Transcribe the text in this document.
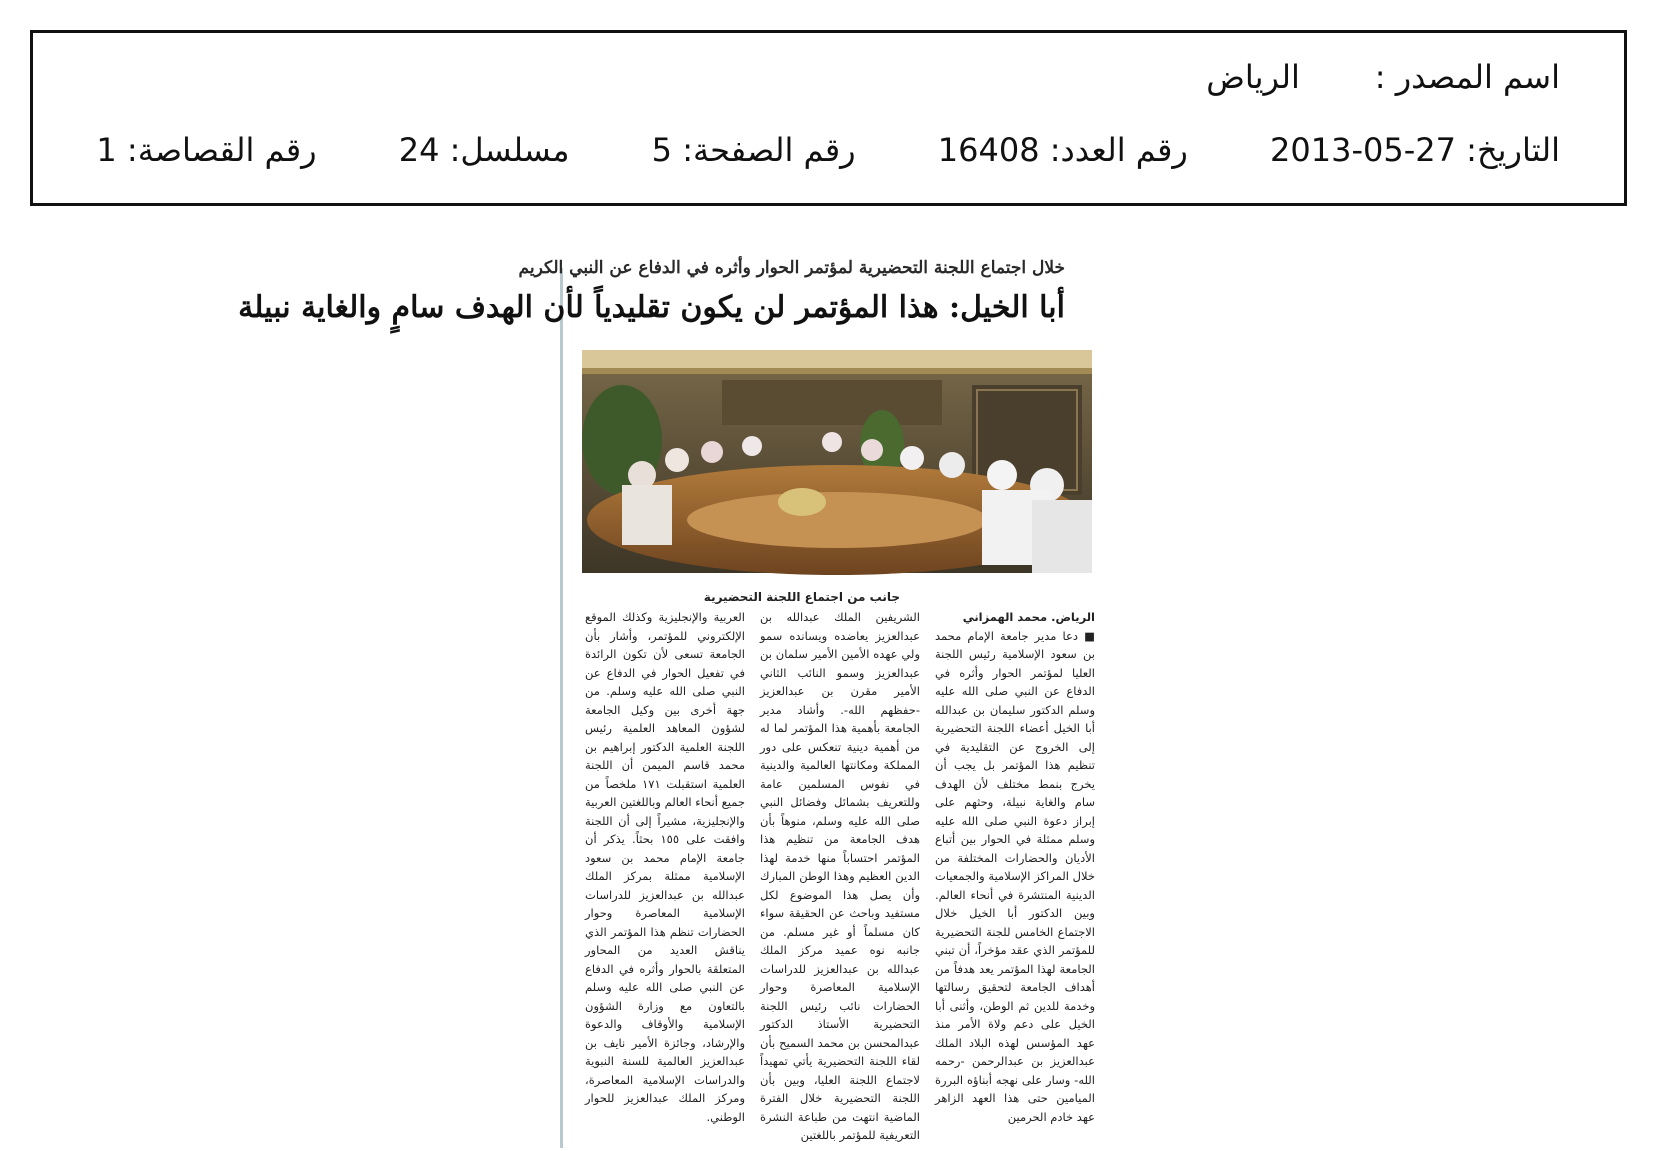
اسم المصدر : الرياض
التاريخ: 27-05-2013 رقم العدد: 16408 رقم الصفحة: 5 مسلسل: 24 رقم القصاصة: 1
خلال اجتماع اللجنة التحضيرية لمؤتمر الحوار وأثره في الدفاع عن النبي الكريم
أبا الخيل: هذا المؤتمر لن يكون تقليدياً لأن الهدف سامٍ والغاية نبيلة
جانب من اجتماع اللجنة التحضيرية
الرياض. محمد الهمزاني

■ دعا مدير جامعة الإمام محمد بن سعود الإسلامية رئيس اللجنة العليا لمؤتمر الحوار وأثره في الدفاع عن النبي صلى الله عليه وسلم الدكتور سليمان بن عبدالله أبا الخيل أعضاء اللجنة التحضيرية إلى الخروج عن التقليدية في تنظيم هذا المؤتمر بل يجب أن يخرج بنمط مختلف لأن الهدف سام والغاية نبيلة، وحثهم على إبراز دعوة النبي صلى الله عليه وسلم ممثلة في الحوار بين أتباع الأديان والحضارات المختلفة من خلال المراكز الإسلامية والجمعيات الدينية المنتشرة في أنحاء العالم. وبين الدكتور أبا الخيل خلال الاجتماع الخامس للجنة التحضيرية للمؤتمر الذي عقد مؤخراً، أن تبني الجامعة لهذا المؤتمر يعد هدفاً من أهداف الجامعة لتحقيق رسالتها وخدمة للدين ثم الوطن، وأثنى أبا الخيل على دعم ولاة الأمر منذ عهد المؤسس لهذه البلاد الملك عبدالعزيز بن عبدالرحمن -رحمه الله- وسار على نهجه أبناؤه البررة الميامين حتى هذا العهد الزاهر عهد خادم الحرمين

الشريفين الملك عبدالله بن عبدالعزيز يعاضده ويسانده سمو ولي عهده الأمين الأمير سلمان بن عبدالعزيز وسمو النائب الثاني الأمير مقرن بن عبدالعزيز -حفظهم الله-. وأشاد مدير الجامعة بأهمية هذا المؤتمر لما له من أهمية دينية تنعكس على دور المملكة ومكانتها العالمية والدينية في نفوس المسلمين عامة وللتعريف بشمائل وفضائل النبي صلى الله عليه وسلم، منوهاً بأن هدف الجامعة من تنظيم هذا المؤتمر احتساباً منها خدمة لهذا الدين العظيم وهذا الوطن المبارك وأن يصل هذا الموضوع لكل مستفيد وباحث عن الحقيقة سواء كان مسلماً أو غير مسلم. من جانبه نوه عميد مركز الملك عبدالله بن عبدالعزيز للدراسات الإسلامية المعاصرة وحوار الحضارات نائب رئيس اللجنة التحضيرية الأستاذ الدكتور عبدالمحسن بن محمد السميح بأن لقاء اللجنة التحضيرية يأتي تمهيداً لاجتماع اللجنة العليا، وبين بأن اللجنة التحضيرية خلال الفترة الماضية انتهت من طباعة النشرة التعريفية للمؤتمر باللغتين

العربية والإنجليزية وكذلك الموقع الإلكتروني للمؤتمر، وأشار بأن الجامعة تسعى لأن تكون الرائدة في تفعيل الحوار في الدفاع عن النبي صلى الله عليه وسلم. من جهة أخرى بين وكيل الجامعة لشؤون المعاهد العلمية رئيس اللجنة العلمية الدكتور إبراهيم بن محمد قاسم الميمن أن اللجنة العلمية استقبلت ١٧١ ملخصاً من جميع أنحاء العالم وباللغتين العربية والإنجليزية، مشيراً إلى أن اللجنة وافقت على ١٥٥ بحثاً. يذكر أن جامعة الإمام محمد بن سعود الإسلامية ممثلة بمركز الملك عبدالله بن عبدالعزيز للدراسات الإسلامية المعاصرة وحوار الحضارات تنظم هذا المؤتمر الذي يناقش العديد من المحاور المتعلقة بالحوار وأثره في الدفاع عن النبي صلى الله عليه وسلم بالتعاون مع وزارة الشؤون الإسلامية والأوقاف والدعوة والإرشاد، وجائزة الأمير نايف بن عبدالعزيز العالمية للسنة النبوية والدراسات الإسلامية المعاصرة، ومركز الملك عبدالعزيز للحوار الوطني.
